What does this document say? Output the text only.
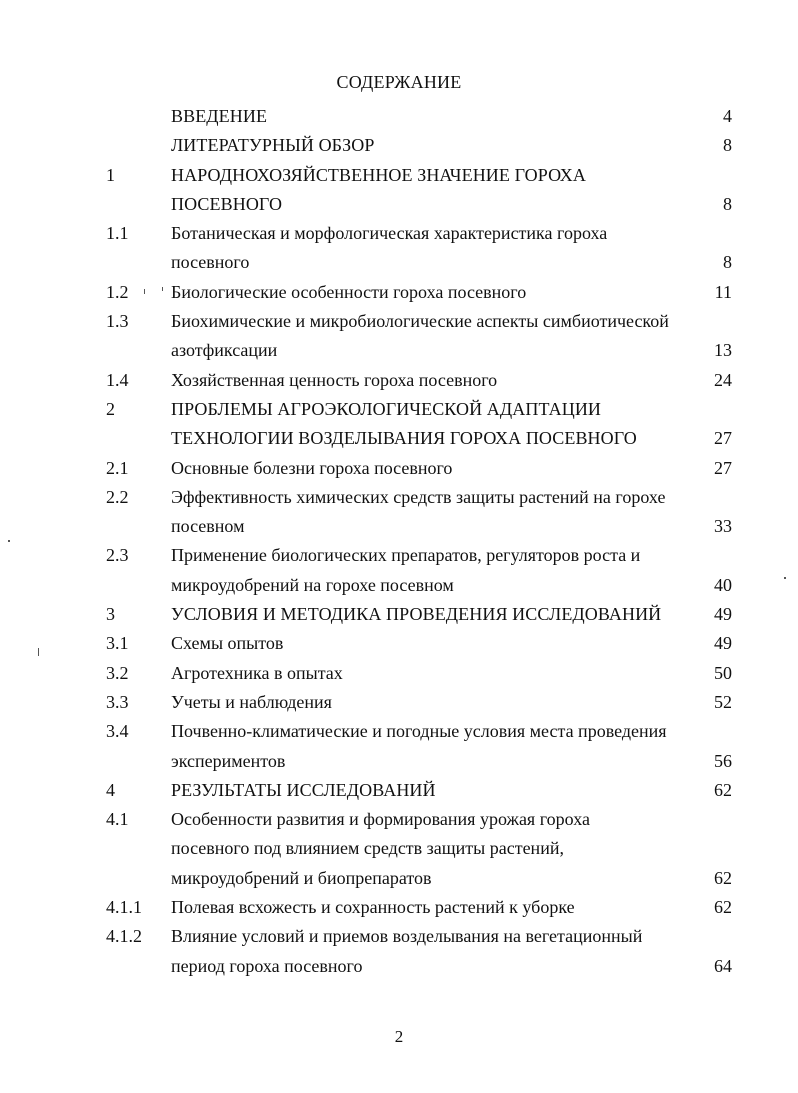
СОДЕРЖАНИЕ
ВВЕДЕНИЕ	4
ЛИТЕРАТУРНЫЙ ОБЗОР	8
1	НАРОДНОХОЗЯЙСТВЕННОЕ ЗНАЧЕНИЕ ГОРОХА
ПОСЕВНОГО	8
1.1 Ботаническая и морфологическая характеристика гороха
посевного	8
1.2 Биологические особенности гороха посевного	11
1.3 Биохимические и микробиологические аспекты симбиотической
азотфиксации	13
1.4 Хозяйственная ценность гороха посевного	24
2	ПРОБЛЕМЫ АГРОЭКОЛОГИЧЕСКОЙ АДАПТАЦИИ
ТЕХНОЛОГИИ ВОЗДЕЛЫВАНИЯ ГОРОХА ПОСЕВНОГО	27
2.1 Основные болезни гороха посевного	27
2.2 Эффективность химических средств защиты растений на горохе
посевном	33
2.3 Применение биологических препаратов, регуляторов роста и
микроудобрений на горохе посевном	40
3	УСЛОВИЯ И МЕТОДИКА ПРОВЕДЕНИЯ ИССЛЕДОВАНИЙ	49
3.1 Схемы опытов	49
3.2 Агротехника в опытах	50
3.3 Учеты и наблюдения	52
3.4 Почвенно-климатические и погодные условия места проведения
экспериментов	56
4	РЕЗУЛЬТАТЫ ИССЛЕДОВАНИЙ	62
4.1 Особенности развития и формирования урожая гороха
посевного под влиянием средств защиты растений,
микроудобрений и биопрепаратов	62
4.1.1 Полевая всхожесть и сохранность растений к уборке	62
4.1.2 Влияние условий и приемов возделывания на вегетационный
период гороха посевного	64
2
